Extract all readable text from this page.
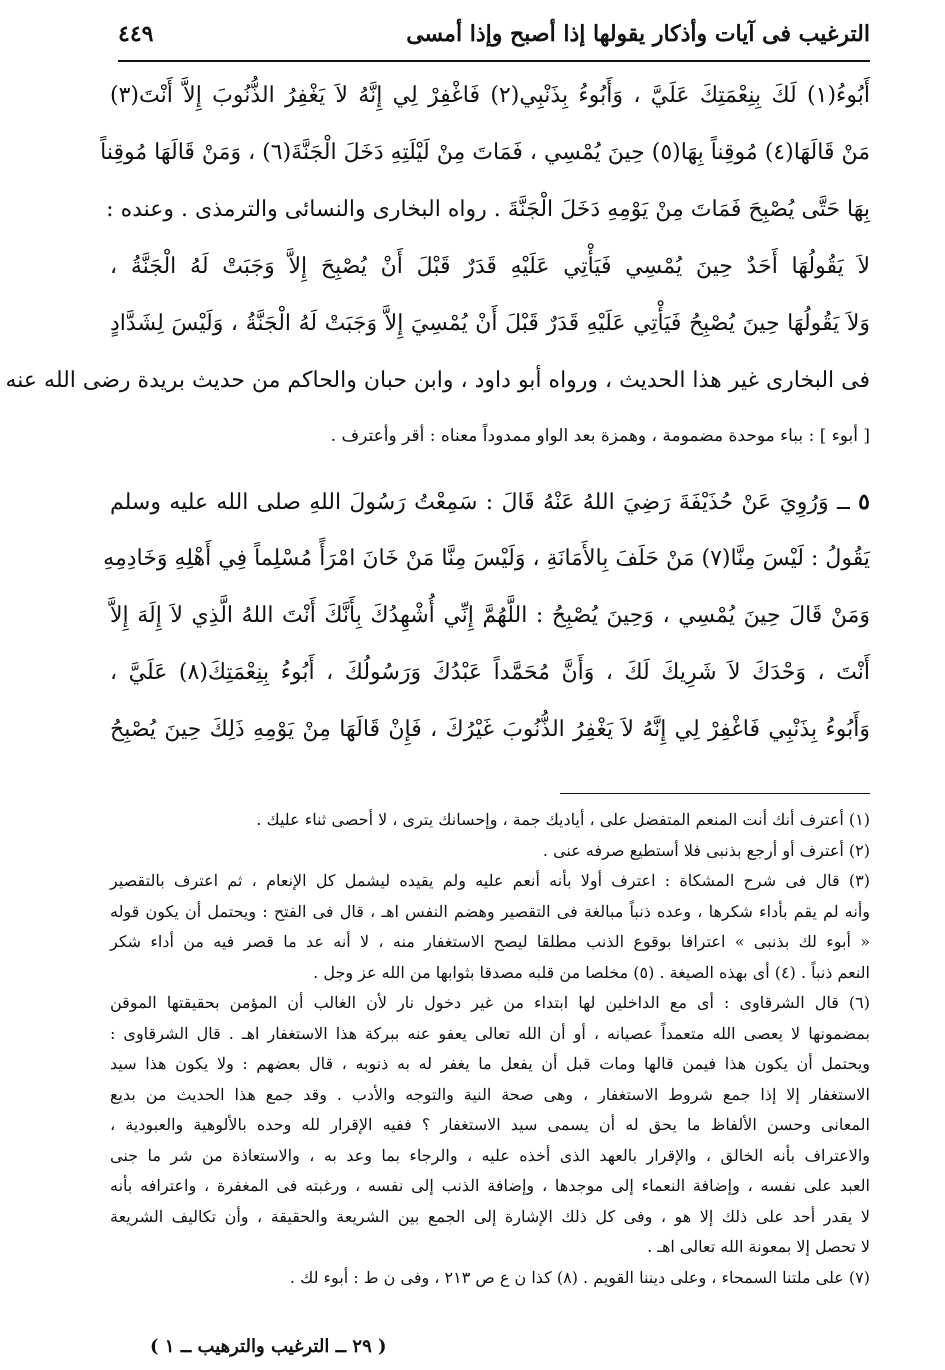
الترغيب فى آيات وأذكار يقولها إذا أصبح وإذا أمسى
٤٤٩
أَبُوءُ(١) لَكَ بِنِعْمَتِكَ عَلَيَّ ، وَأَبُوءُ بِذَنْبِي(٢) فَاغْفِرْ لِي إِنَّهُ لاَ يَغْفِرُ الذُّنُوبَ إِلاَّ أَنْتَ(٣)
مَنْ قَالَهَا(٤) مُوقِناً بِهَا(٥) حِينَ يُمْسِي ، فَمَاتَ مِنْ لَيْلَتِهِ دَخَلَ الْجَنَّةَ(٦) ، وَمَنْ قَالَهَا مُوقِناً
بِهَا حَتَّى يُصْبِحَ فَمَاتَ مِنْ يَوْمِهِ دَخَلَ الْجَنَّةَ . رواه البخارى والنسائى والترمذى . وعنده :
لاَ يَقُولُهَا أَحَدٌ حِينَ يُمْسِي فَيَأْتِي عَلَيْهِ قَدَرٌ قَبْلَ أَنْ يُصْبِحَ إِلاَّ وَجَبَتْ لَهُ الْجَنَّةُ ،
وَلاَ يَقُولُهَا حِينَ يُصْبِحُ فَيَأْتِي عَلَيْهِ قَدَرٌ قَبْلَ أَنْ يُمْسِيَ إِلاَّ وَجَبَتْ لَهُ الْجَنَّةُ ، وَلَيْسَ لِشَدَّادٍ
فى البخارى غير هذا الحديث ، ورواه أبو داود ، وابن حبان والحاكم من حديث بريدة رضى الله عنه
[ أبوء ] : بباء موحدة مضمومة ، وهمزة بعد الواو ممدوداً معناه : أقر وأعترف .
٥ ــ وَرُوِيَ عَنْ حُذَيْفَةَ رَضِيَ اللهُ عَنْهُ قَالَ : سَمِعْتُ رَسُولَ اللهِ صلى الله عليه وسلم
يَقُولُ : لَيْسَ مِنَّا(٧) مَنْ حَلَفَ بِالأَمَانَةِ ، وَلَيْسَ مِنَّا مَنْ خَانَ امْرَأً مُسْلِماً فِي أَهْلِهِ وَخَادِمِهِ
وَمَنْ قَالَ حِينَ يُمْسِي ، وَحِينَ يُصْبِحُ : اللَّهُمَّ إِنِّي أُشْهِدُكَ بِأَنَّكَ أَنْتَ اللهُ الَّذِي لاَ إِلَهَ إِلاَّ
أَنْتَ ، وَحْدَكَ لاَ شَرِيكَ لَكَ ، وَأَنَّ مُحَمَّداً عَبْدُكَ وَرَسُولُكَ ، أَبُوءُ بِنِعْمَتِكَ(٨) عَلَيَّ ،
وَأَبُوءُ بِذَنْبِي فَاغْفِرْ لِي إِنَّهُ لاَ يَغْفِرُ الذُّنُوبَ غَيْرُكَ ، فَإِنْ قَالَهَا مِنْ يَوْمِهِ ذَلِكَ حِينَ يُصْبِحُ
(١) أعترف أنك أنت المنعم المتفضل على ، أياديك جمة ، وإحسانك يترى ، لا أحصى ثناء عليك .
(٢) أعترف أو أرجع بذنبى فلا أستطيع صرفه عنى .
(٣) قال فى شرح المشكاة : اعترف أولا بأنه أنعم عليه ولم يقيده ليشمل كل الإنعام ، ثم اعترف بالتقصير
وأنه لم يقم بأداء شكرها ، وعده ذنباً مبالغة فى التقصير وهضم النفس اهـ ، قال فى الفتح : ويحتمل أن يكون قوله
« أبوء لك بذنبى » اعترافا بوقوع الذنب مطلقا ليصح الاستغفار منه ، لا أنه عد ما قصر فيه من أداء شكر
النعم ذنباً . (٤) أى بهذه الصيغة . (٥) مخلصا من قلبه مصدقا بثوابها من الله عز وجل .
(٦) قال الشرقاوى : أى مع الداخلين لها ابتداء من غير دخول نار لأن الغالب أن المؤمن بحقيقتها الموقن
بمضمونها لا يعصى الله متعمداً عصيانه ، أو أن الله تعالى يعفو عنه ببركة هذا الاستغفار اهـ . قال الشرقاوى :
ويحتمل أن يكون هذا فيمن قالها ومات قبل أن يفعل ما يغفر له به ذنوبه ، قال بعضهم : ولا يكون هذا سيد
الاستغفار إلا إذا جمع شروط الاستغفار ، وهى صحة النية والتوجه والأدب . وقد جمع هذا الحديث من بديع
المعانى وحسن الألفاظ ما يحق له أن يسمى سيد الاستغفار ؟ ففيه الإقرار لله وحده بالألوهية والعبودية ،
والاعتراف بأنه الخالق ، والإقرار بالعهد الذى أخذه عليه ، والرجاء بما وعد به ، والاستعاذة من شر ما جنى
العبد على نفسه ، وإضافة النعماء إلى موجدها ، وإضافة الذنب إلى نفسه ، ورغبته فى المغفرة ، واعترافه بأنه
لا يقدر أحد على ذلك إلا هو ، وفى كل ذلك الإشارة إلى الجمع بين الشريعة والحقيقة ، وأن تكاليف الشريعة
لا تحصل إلا بمعونة الله تعالى اهـ .
(٧) على ملتنا السمحاء ، وعلى ديننا القويم . (٨) كذا ن ع ص ٢١٣ ، وفى ن ط : أبوء لك .
( ٢٩ ــ الترغيب والترهيب ــ ١ )
